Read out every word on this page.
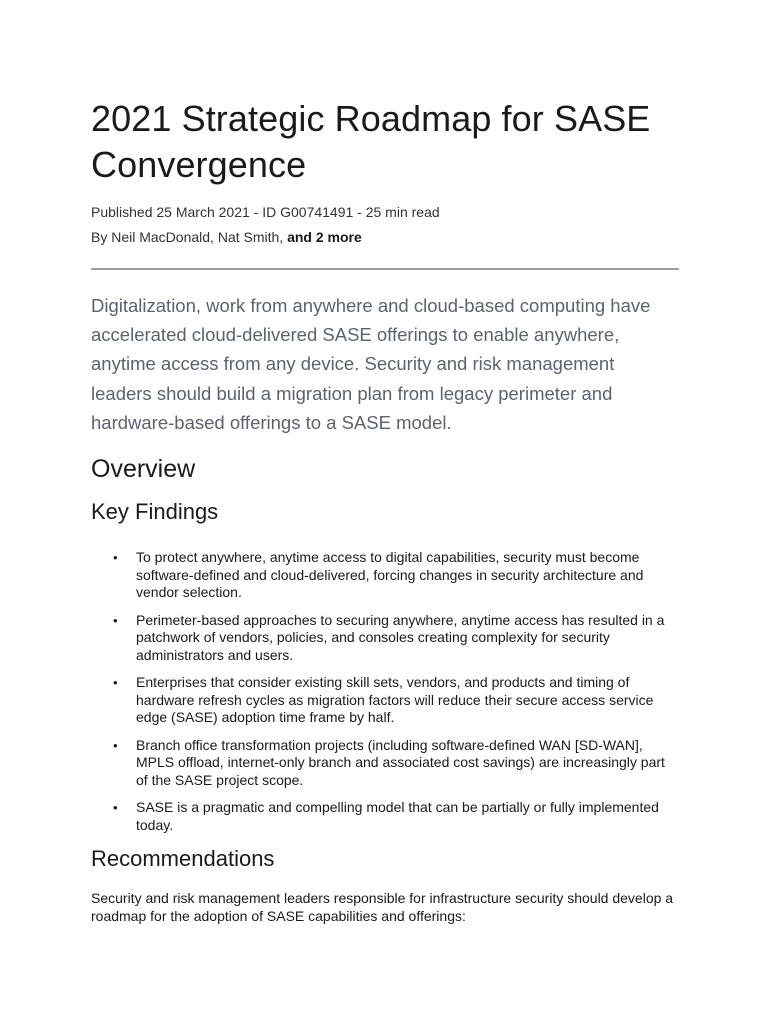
2021 Strategic Roadmap for SASE
Convergence
Published 25 March 2021 - ID G00741491 - 25 min read
By Neil MacDonald, Nat Smith, and 2 more

Digitalization, work from anywhere and cloud-based computing have accelerated cloud-delivered SASE offerings to enable anywhere, anytime access from any device. Security and risk management leaders should build a migration plan from legacy perimeter and hardware-based offerings to a SASE model.

Overview
Key Findings
• To protect anywhere, anytime access to digital capabilities, security must become software-defined and cloud-delivered, forcing changes in security architecture and vendor selection.
• Perimeter-based approaches to securing anywhere, anytime access has resulted in a patchwork of vendors, policies, and consoles creating complexity for security administrators and users.
• Enterprises that consider existing skill sets, vendors, and products and timing of hardware refresh cycles as migration factors will reduce their secure access service edge (SASE) adoption time frame by half.
• Branch office transformation projects (including software-defined WAN [SD-WAN], MPLS offload, internet-only branch and associated cost savings) are increasingly part of the SASE project scope.
• SASE is a pragmatic and compelling model that can be partially or fully implemented today.
Recommendations

Security and risk management leaders responsible for infrastructure security should develop a roadmap for the adoption of SASE capabilities and offerings:
